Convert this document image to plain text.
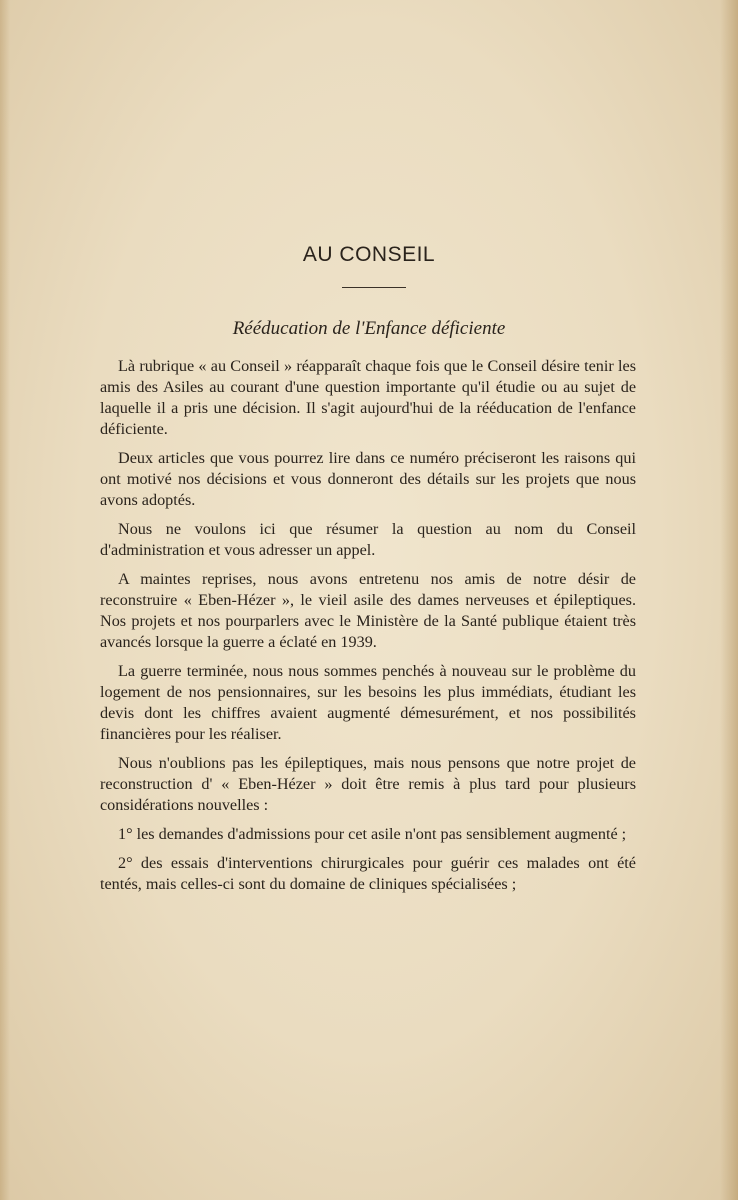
AU CONSEIL
Rééducation de l'Enfance déficiente

Là rubrique « au Conseil » réapparaît chaque fois que le Conseil désire tenir les amis des Asiles au courant d'une question importante qu'il étudie ou au sujet de laquelle il a pris une décision. Il s'agit aujourd'hui de la rééducation de l'enfance déficiente.

Deux articles que vous pourrez lire dans ce numéro préciseront les raisons qui ont motivé nos décisions et vous donneront des détails sur les projets que nous avons adoptés.

Nous ne voulons ici que résumer la question au nom du Conseil d'administration et vous adresser un appel.

A maintes reprises, nous avons entretenu nos amis de notre désir de reconstruire « Eben-Hézer », le vieil asile des dames nerveuses et épileptiques. Nos projets et nos pourparlers avec le Ministère de la Santé publique étaient très avancés lorsque la guerre a éclaté en 1939.

La guerre terminée, nous nous sommes penchés à nouveau sur le problème du logement de nos pensionnaires, sur les besoins les plus immédiats, étudiant les devis dont les chiffres avaient augmenté démesurément, et nos possibilités financières pour les réaliser.

Nous n'oublions pas les épileptiques, mais nous pensons que notre projet de reconstruction d' « Eben-Hézer » doit être remis à plus tard pour plusieurs considérations nouvelles :

1° les demandes d'admissions pour cet asile n'ont pas sensiblement augmenté ;

2° des essais d'interventions chirurgicales pour guérir ces malades ont été tentés, mais celles-ci sont du domaine de cliniques spécialisées ;
